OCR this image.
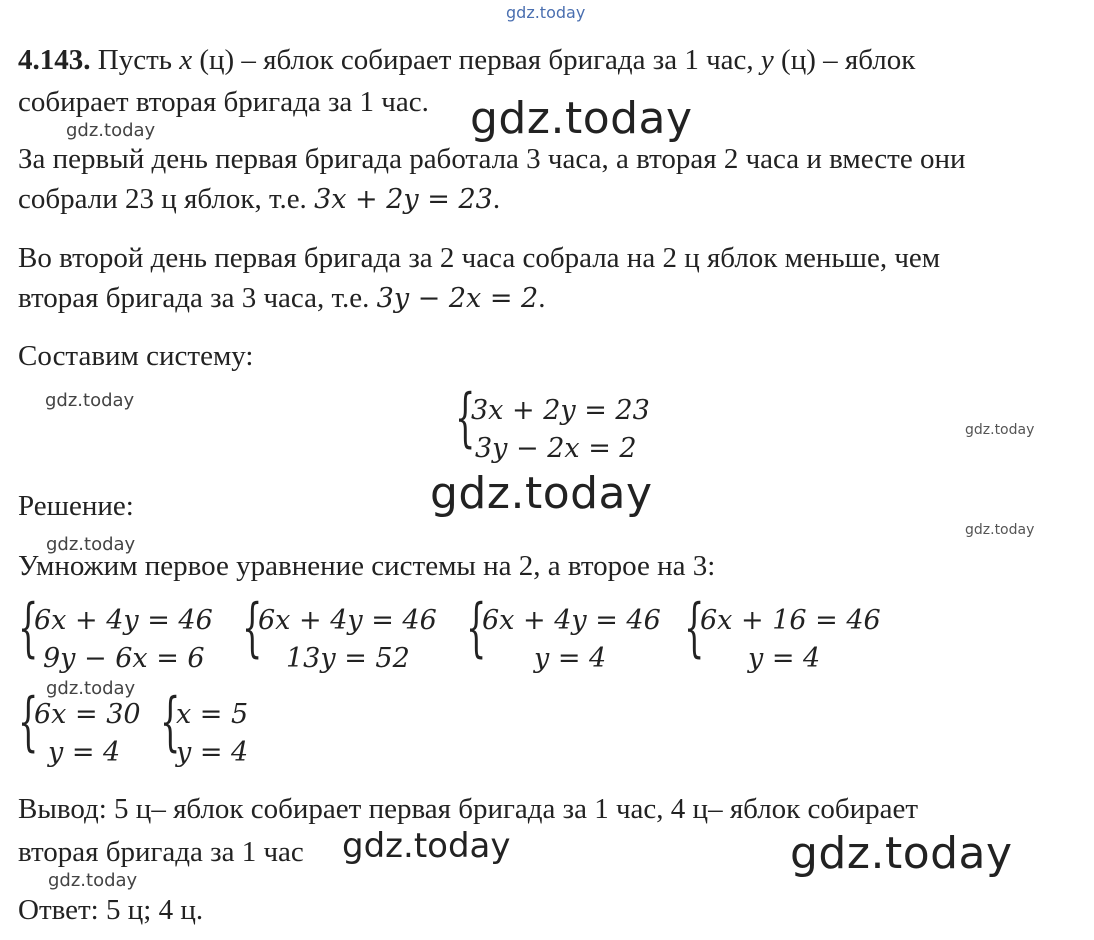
gdz.today
4.143. Пусть x (ц) – яблок собирает первая бригада за 1 час, y (ц) – яблок
собирает вторая бригада за 1 час.
gdz.today	gdz.today
За первый день первая бригада работала 3 часа, а вторая 2 часа и вместе они
собрали 23 ц яблок, т.е. 3x + 2y = 23.
Во второй день первая бригада за 2 часа собрала на 2 ц яблок меньше, чем
вторая бригада за 3 часа, т.е. 3y − 2x = 2.
Составим систему:
gdz.today
gdz.today
{
3x + 2y = 23
3y − 2x = 2
Решение:	gdz.today
gdz.today
gdz.today
Умножим первое уравнение системы на 2, а второе на 3:
{
6x + 4y = 46
9y − 6x = 6 {
6x + 4y = 46
13y = 52 {
6x + 4y = 46
y = 4	{
6x + 16 = 46
y = 4
gdz.today
{
6x = 30
y = 4 {
x = 5
y = 4
Вывод: 5 ц– яблок собирает первая бригада за 1 час, 4 ц– яблок собирает
вторая бригада за 1 час gdz.today	gdz.today
gdz.today
Ответ: 5 ц; 4 ц.
